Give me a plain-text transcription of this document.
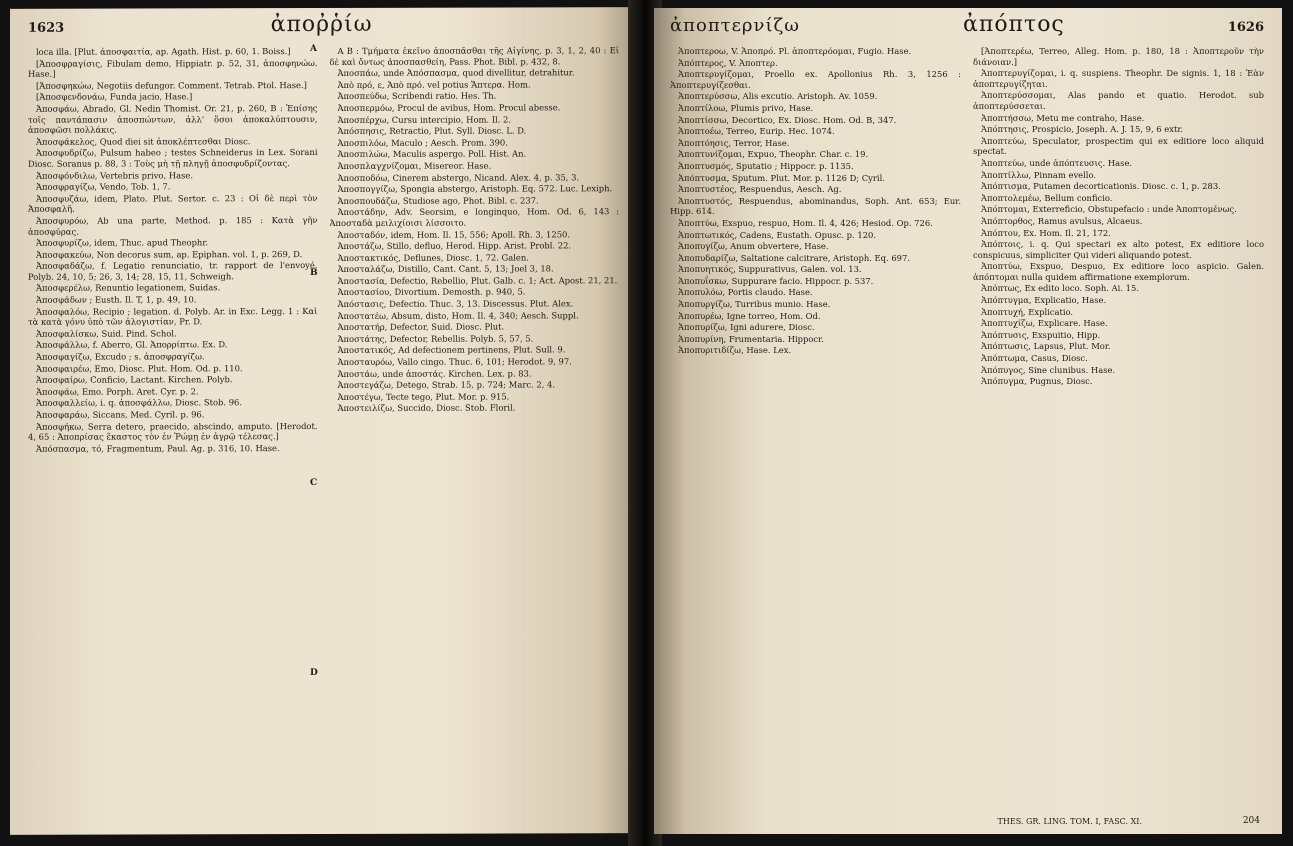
1623	ἀποῤῥίω

loca illa. [Plut. ἀποσφαιτία, ap. Agath. Hist. p. 60, 1. Boiss.]

[Ἀποσφραγίσις, Fibulam demo, Hippiatr. p. 52, 31, ἀποσφηνώω. Hase.]

[Ἀποσφηκώω, Negotiis defungor. Comment. Tetrab. Ptol. Hase.]

[Ἀποσφενδονάω, Funda jacio, Hase.]

Ἀποσφάω, Abrado, Gl. Nedin Thomist. Or. 21, p. 260, B : Ἐπίσης τοῖς παντάπασιν ἀποσπώντων, ἀλλ' ὅσοι ἀποκαλύπτουσιν, ἀποσφῶσι πολλάκις.

Ἀποσφάκελος, Quod diei sit ἀποκλέπτεσθαι Diosc.

Ἀποσφυδρίζω, Pulsum habeo ; testes Schneiderus in Lex. Sorani Diosc. Soranus p. 88, 3 : Τοὺς μὴ τῇ πληγῇ ἀποσφυδρίζοντας.

Ἀποσφόνδιλω, Vertebris privo, Hase.

Ἀποσφραγίζω, Vendo, Tob. 1, 7.

Ἀποσφυζάω, idem, Plato. Plut. Sertor. c. 23 : Οἱ δὲ περὶ τὸν Ἀποσφαλῆ.

Ἀποσφυρόω, Ab una parte, Method. p. 185 : Κατὰ γῆν ἀποσφύρας.

Ἀποσφυρίζω, idem, Thuc. apud Theophr.

Ἀποσφακεύω, Non decorus sum, ap. Epiphan. vol. 1, p. 269, D.

Ἀποσφαδάζω, f. Legatio renunciatio, tr. rapport de l'envoyé. Polyb. 24, 10, 5; 26, 3, 14; 28, 15, 11, Schweigh.

Ἀποσφερέλω, Renuntio legationem, Suidas.

Ἀποσφάδων ; Eusth. Il. T, 1, p. 49, 10.

Ἀποσφαλόω, Recipio ; legation. d. Polyb. Ar. in Exc. Legg. 1 : Καὶ τὰ κατὰ γόνυ ὑπὸ τῶν ἀλογιστίαν, Pr. D.

Ἀποσφαλίσκω, Suid. Pind. Schol.

Ἀποσφάλλω, f. Aberro, Gl. Ἀπορρίπτω. Ex. D.

Ἀποσφαγίζω, Excudo ; s. ἀποσφραγίζω.

Ἀποσφαιρέω, Emo, Diosc. Plut. Hom. Od. p. 110.

Ἀποσφαίρω, Conficio, Lactant. Kirchen. Polyb.

Ἀποσφάω, Emo. Porph. Aret. Cyr. p. 2.

Ἀποσφαλλείω, i. q. ἀποσφάλλω, Diosc. Stob. 96.

Ἀποσφαράω, Siccans, Med. Cyril. p. 96.

Ἀποσφήκω, Serra detero, praecido, abscindo, amputo. [Herodot. 4, 65 : Ἀποπρίσας ἕκαστος τὸν ἐν Ῥώμῃ ἐν ἀγρῷ τέλεσας.]

Ἀπόσπασμα, τό, Fragmentum, Paul. Ag. p. 316, 10. Hase.

A B : Τμήματα ἐκεῖνο ἀποσπᾶσθαι τῆς Αἰγίνης, p. 3, 1, 2, 40 : Εἰ δὲ καὶ ὄντως ἀποσπασθείη, Pass. Phot. Bibl. p. 432, 8.

Ἀποσπάω, unde Ἀπόσπασμα, quod divellitur, detrahitur.

Ἀπὸ πρό, ε, Ἀπὸ πρό. vel potius Ἄπτερα. Hom.

Ἀποσπεύδω, Scribendi ratio. Hes. Th.

Ἀποσπερμόω, Procul de avibus, Hom. Procul abesse.

Ἀποσπέρχω, Cursu intercipio, Hom. Il. 2.

Ἀπόσπησις, Retractio, Plut. Syll. Diosc. L. D.

Ἀποσπιλόω, Maculo ; Aesch. Prom. 390.

Ἀποσπιλώω, Maculis aspergo. Poll. Hist. An.

Ἀποσπλαγχνίζομαι, Misereor. Hase.

Ἀποσποδόω, Cinerem abstergo, Nicand. Alex. 4, p. 35, 3.

Ἀποσπογγίζω, Spongia abstergo, Aristoph. Eq. 572. Luc. Lexiph.

Ἀποσπουδάζω, Studiose ago, Phot. Bibl. c. 237.

Ἀποστάδην, Adv. Seorsim, e longinquo, Hom. Od. 6, 143 : Ἀποσταδὰ μειλιχίοισι λίσσοιτο.

Ἀποσταδόν, idem, Hom. Il. 15, 556; Apoll. Rh. 3, 1250.

Ἀποστάζω, Stillo, defluo, Herod. Hipp. Arist. Probl. 22.

Ἀποστακτικός, Deflunes, Diosc. 1, 72. Galen.

Ἀποσταλάζω, Distillo, Cant. Cant. 5, 13; Joel 3, 18.

Ἀποστασία, Defectio, Rebellio, Plut. Galb. c. 1; Act. Apost. 21, 21.

Ἀποστασίου, Divortium. Demosth. p. 940, 5.

Ἀπόστασις, Defectio. Thuc. 3, 13. Discessus. Plut. Alex.

Ἀποστατέω, Absum, disto, Hom. Il. 4, 340; Aesch. Suppl.

Ἀποστατήρ, Defector, Suid. Diosc. Plut.

Ἀποστάτης, Defector, Rebellis. Polyb. 5, 57, 5.

Ἀποστατικός, Ad defectionem pertinens, Plut. Sull. 9.

Ἀποσταυρόω, Vallo cingo. Thuc. 6, 101; Herodot. 9, 97.

Ἀποστάω, unde ἀποστάς. Kirchen. Lex. p. 83.

Ἀποστεγάζω, Detego, Strab. 15, p. 724; Marc. 2, 4.

Ἀποστέγω, Tecte tego, Plut. Mor. p. 915.

Ἀποστειλίζω, Succido, Diosc. Stob. Floril.

A
B
C
D
ἀποπτερνίζω	ἀπόπτος	1626

Ἀποπτεροω, V. Ἀποπρό. Pl. ἀποπτερόομαι, Fugio. Hase.

Ἀπόπτερος, V. Ἀποπτερ.

Ἀποπτερυγίζομαι, Proello ex. Apollonius Rh. 3, 1256 : Ἀποπτερυγίζεσθαι.

Ἀποπτερύσσω, Alis excutio. Aristoph. Av. 1059.

Ἀποπτίλοω, Plumis privo, Hase.

Ἀποπτίσσω, Decortico, Ex. Diosc. Hom. Od. B, 347.

Ἀποπτοέω, Terreo, Eurip. Hec. 1074.

Ἀποπτόησις, Terror, Hase.

Ἀποπτυνίζομαι, Expuo, Theophr. Char. c. 19.

Ἀποπτυσμός, Sputatio ; Hippocr. p. 1135.

Ἀπόπτυσμα, Sputum. Plut. Mor. p. 1126 D; Cyril.

Ἀποπτυστέος, Respuendus, Aesch. Ag.

Ἀποπτυστός, Respuendus, abominandus, Soph. Ant. 653; Eur. Hipp. 614.

Ἀποπτύω, Exspuo, respuo, Hom. Il. 4, 426; Hesiod. Op. 726.

Ἀποπτωτικός, Cadens, Eustath. Opusc. p. 120.

Ἀποπυγίζω, Anum obvertere, Hase.

Ἀποπυδαρίζω, Saltatione calcitrare, Aristoph. Eq. 697.

Ἀποπυητικός, Suppurativus, Galen. vol. 13.

Ἀποπυΐσκω, Suppurare facio. Hippocr. p. 537.

Ἀποπυλόω, Portis claudo. Hase.

Ἀποπυργίζω, Turribus munio. Hase.

Ἀποπυρέω, Igne torreo, Hom. Od.

Ἀποπυρίζω, Igni adurere, Diosc.

Ἀποπυρίνη, Frumentaria. Hippocr.

Ἀποπυριτιδίζω, Hase. Lex.

[Ἀποπτερέω, Terreo, Alleg. Hom. p. 180, 18 : Ἀποπτεροῦν τὴν διάνοιαν.]

Ἀποπτερυγίζομαι, i. q. suspiens. Theophr. De signis. 1, 18 : Ἐὰν ἀποπτερυγίζηται.

Ἀποπτερύσσομαι, Alas pando et quatio. Herodot. sub ἀποπτερύσσεται.

Ἀποπτήσσω, Metu me contraho, Hase.

Ἀπόπτησις, Prospicio, Joseph. A. J. 15, 9, 6 extr.

Ἀποπτεύω, Speculator, prospectim qui ex editiore loco aliquid spectat.

Ἀποπτεύω, unde ἀπόπτευσις. Hase.

Ἀποπτίλλω, Pinnam evello.

Ἀπόπτισμα, Putamen decorticationis. Diosc. c. 1, p. 283.

Ἀποπτολεμέω, Bellum conficio.

Ἀπόπτομαι, Exterreficio, Obstupefacio : unde Ἀποπτομένως.

Ἀπόπτορθος, Ramus avulsus, Alcaeus.

Ἀπόπτου, Ex. Hom. Il. 21, 172.

Ἀπόπτοις, i. q. Qui spectari ex alto potest, Ex editiore loco conspicuus, simpliciter Qui videri aliquando potest.

Ἀποπτύω, Exspuo, Despuo, Ex editiore loco aspicio. Galen. ἀπόπτομαι nulla quidem affirmatione exemplorum.

Ἀπόπτως, Ex edito loco. Soph. Ai. 15.

Ἀπόπτυγμα, Explicatio, Hase.

Ἀποπτυχή, Explicatio.

Ἀποπτυχίζω, Explicare. Hase.

Ἀπόπτυσις, Exspuitio, Hipp.

Ἀπόπτωσις, Lapsus, Plut. Mor.

Ἀπόπτωμα, Casus, Diosc.

Ἀπόπυγος, Sine clunibus. Hase.

Ἀπόπυγμα, Pugnus, Diosc.

THES. GR. LING. TOM. I, FASC. XI.	204
